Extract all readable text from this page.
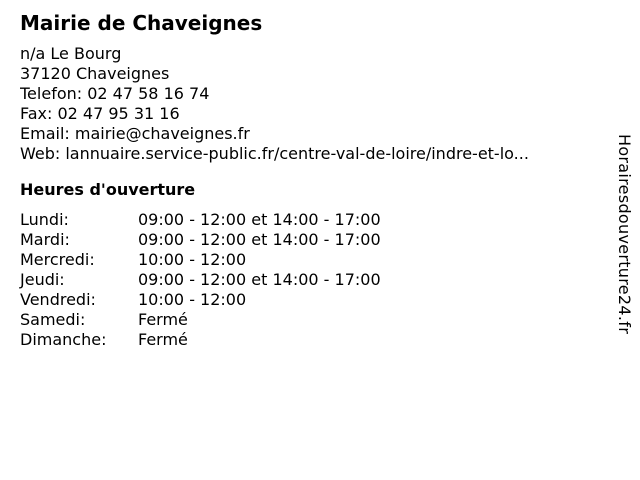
Mairie de Chaveignes
n/a Le Bourg
37120 Chaveignes
Telefon: 02 47 58 16 74
Fax: 02 47 95 31 16
Email: mairie@chaveignes.fr
Web: lannuaire.service-public.fr/centre-val-de-loire/indre-et-lo...
Heures d'ouverture
Lundi:	09:00 - 12:00 et 14:00 - 17:00
Mardi:	09:00 - 12:00 et 14:00 - 17:00
Mercredi:	10:00 - 12:00
Jeudi:	09:00 - 12:00 et 14:00 - 17:00
Vendredi:	10:00 - 12:00
Samedi:	Fermé
Dimanche:	Fermé
Horairesdouverture24.fr
